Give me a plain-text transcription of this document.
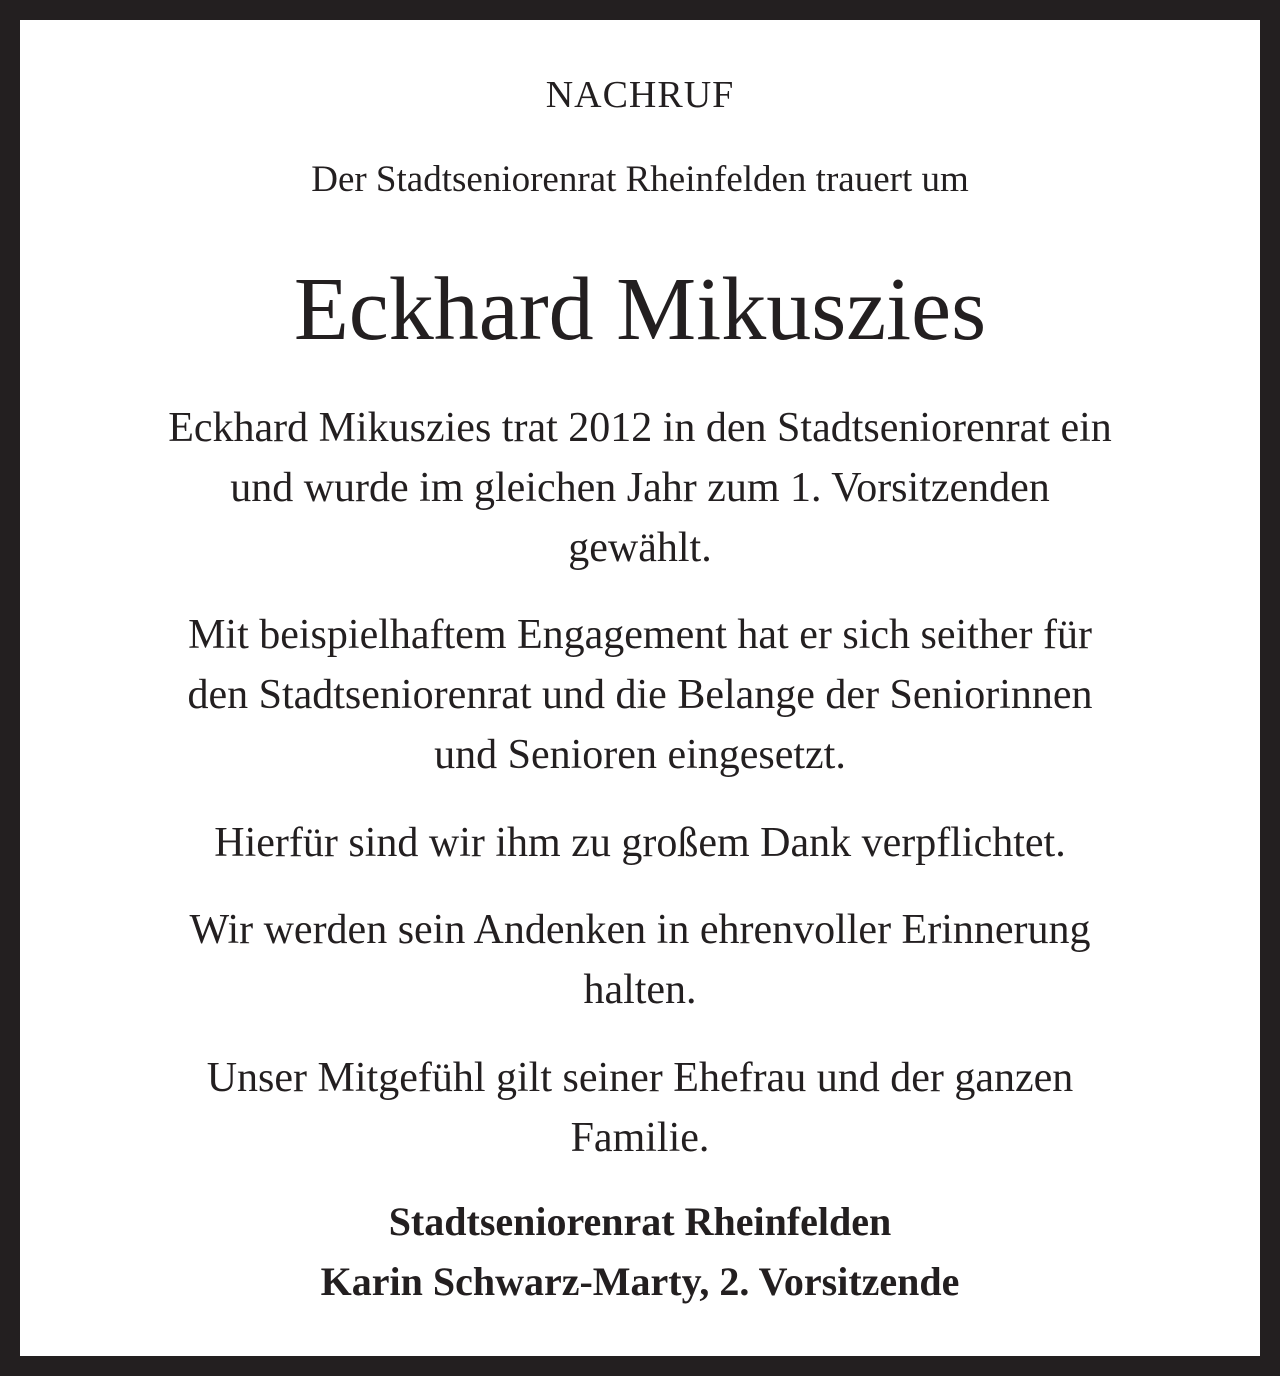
NACHRUF
Der Stadtseniorenrat Rheinfelden trauert um
Eckhard Mikuszies
Eckhard Mikuszies trat 2012 in den Stadtseniorenrat ein
und wurde im gleichen Jahr zum 1. Vorsitzenden
gewählt.
Mit beispielhaftem Engagement hat er sich seither für
den Stadtseniorenrat und die Belange der Seniorinnen
und Senioren eingesetzt.
Hierfür sind wir ihm zu großem Dank verpflichtet.
Wir werden sein Andenken in ehrenvoller Erinnerung
halten.
Unser Mitgefühl gilt seiner Ehefrau und der ganzen
Familie.
Stadtseniorenrat Rheinfelden
Karin Schwarz-Marty, 2. Vorsitzende
